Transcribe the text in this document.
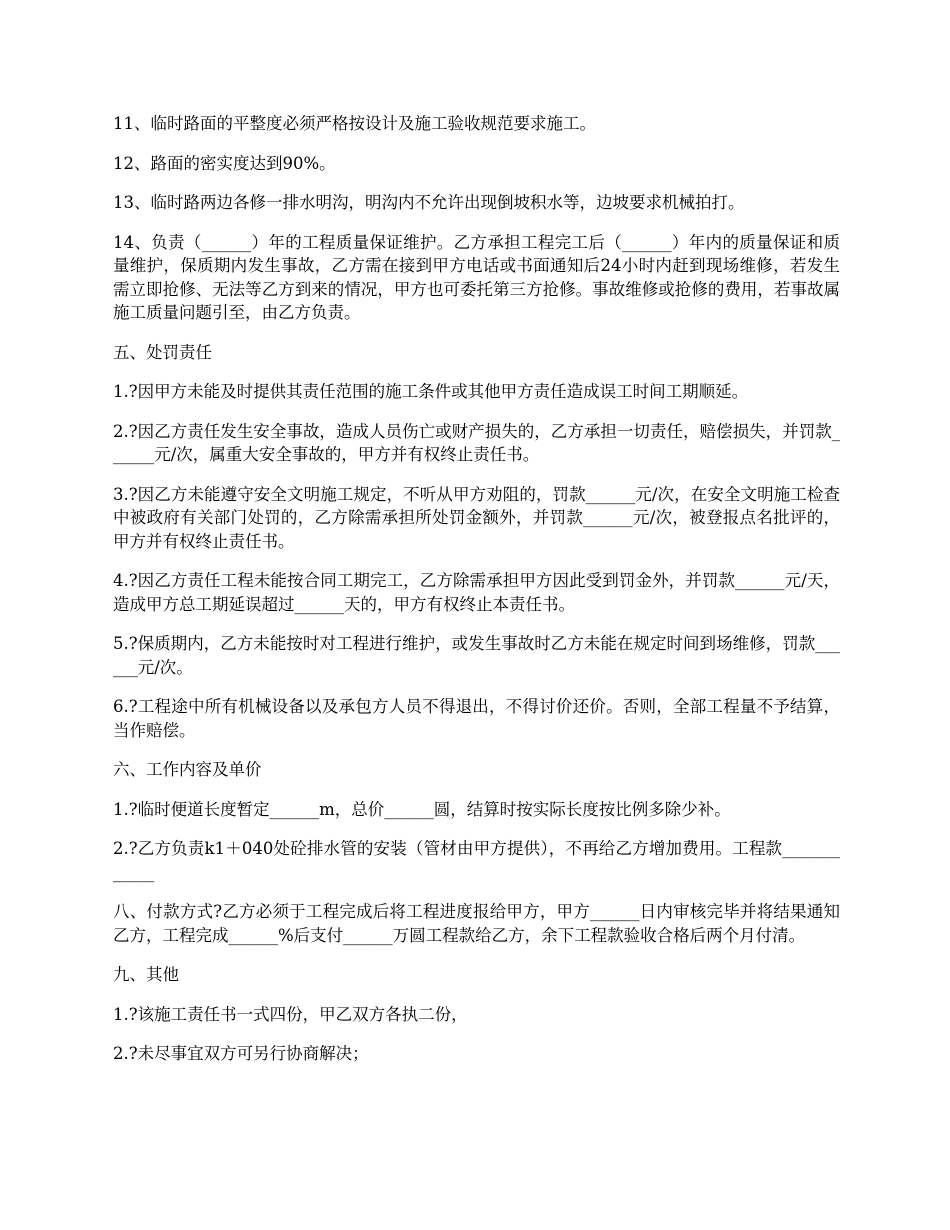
11、临时路面的平整度必须严格按设计及施工验收规范要求施工。

12、路面的密实度达到90%。

13、临时路两边各修一排水明沟，明沟内不允许出现倒坡积水等，边坡要求机械拍打。

14、负责（______）年的工程质量保证维护。乙方承担工程完工后（______）年内的质量保证和质量维护，保质期内发生事故，乙方需在接到甲方电话或书面通知后24小时内赶到现场维修，若发生需立即抢修、无法等乙方到来的情况，甲方也可委托第三方抢修。事故维修或抢修的费用，若事故属施工质量问题引至，由乙方负责。

五、处罚责任

1.?因甲方未能及时提供其责任范围的施工条件或其他甲方责任造成误工时间工期顺延。

2.?因乙方责任发生安全事故，造成人员伤亡或财产损失的，乙方承担一切责任，赔偿损失，并罚款______元/次，属重大安全事故的，甲方并有权终止责任书。

3.?因乙方未能遵守安全文明施工规定，不听从甲方劝阻的，罚款______元/次，在安全文明施工检查中被政府有关部门处罚的，乙方除需承担所处罚金额外，并罚款______元/次，被登报点名批评的，甲方并有权终止责任书。

4.?因乙方责任工程未能按合同工期完工，乙方除需承担甲方因此受到罚金外，并罚款______元/天，造成甲方总工期延误超过______天的，甲方有权终止本责任书。

5.?保质期内，乙方未能按时对工程进行维护，或发生事故时乙方未能在规定时间到场维修，罚款______元/次。

6.?工程途中所有机械设备以及承包方人员不得退出，不得讨价还价。否则，全部工程量不予结算，当作赔偿。

六、工作内容及单价

1.?临时便道长度暂定______m，总价______圆，结算时按实际长度按比例多除少补。

2.?乙方负责k1＋040处砼排水管的安装（管材由甲方提供），不再给乙方增加费用。工程款____________

八、付款方式?乙方必须于工程完成后将工程进度报给甲方，甲方______日内审核完毕并将结果通知乙方，工程完成______%后支付______万圆工程款给乙方，余下工程款验收合格后两个月付清。

九、其他

1.?该施工责任书一式四份，甲乙双方各执二份，

2.?未尽事宜双方可另行协商解决；
